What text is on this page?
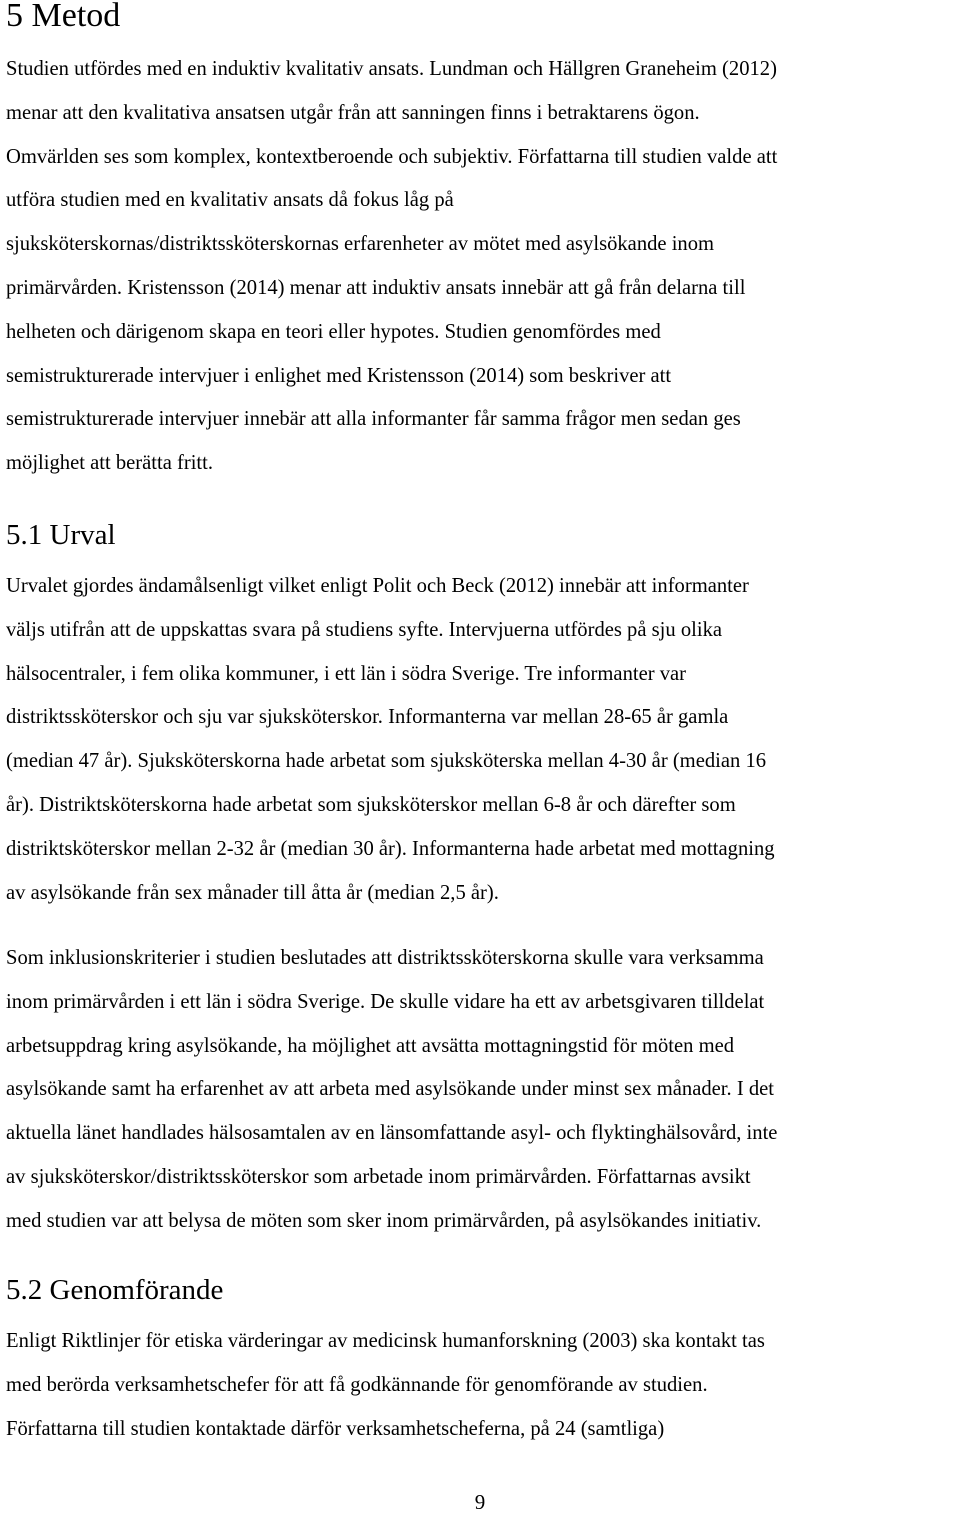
5 Metod
Studien utfördes med en induktiv kvalitativ ansats. Lundman och Hällgren Graneheim (2012)
menar att den kvalitativa ansatsen utgår från att sanningen finns i betraktarens ögon.
Omvärlden ses som komplex, kontextberoende och subjektiv. Författarna till studien valde att
utföra studien med en kvalitativ ansats då fokus låg på
sjuksköterskornas/distriktssköterskornas erfarenheter av mötet med asylsökande inom
primärvården. Kristensson (2014) menar att induktiv ansats innebär att gå från delarna till
helheten och därigenom skapa en teori eller hypotes. Studien genomfördes med
semistrukturerade intervjuer i enlighet med Kristensson (2014) som beskriver att
semistrukturerade intervjuer innebär att alla informanter får samma frågor men sedan ges
möjlighet att berätta fritt.
5.1 Urval
Urvalet gjordes ändamålsenligt vilket enligt Polit och Beck (2012) innebär att informanter
väljs utifrån att de uppskattas svara på studiens syfte. Intervjuerna utfördes på sju olika
hälsocentraler, i fem olika kommuner, i ett län i södra Sverige. Tre informanter var
distriktssköterskor och sju var sjuksköterskor. Informanterna var mellan 28-65 år gamla
(median 47 år). Sjuksköterskorna hade arbetat som sjuksköterska mellan 4-30 år (median 16
år). Distriktsköterskorna hade arbetat som sjuksköterskor mellan 6-8 år och därefter som
distriktsköterskor mellan 2-32 år (median 30 år). Informanterna hade arbetat med mottagning
av asylsökande från sex månader till åtta år (median 2,5 år).
Som inklusionskriterier i studien beslutades att distriktssköterskorna skulle vara verksamma
inom primärvården i ett län i södra Sverige. De skulle vidare ha ett av arbetsgivaren tilldelat
arbetsuppdrag kring asylsökande, ha möjlighet att avsätta mottagningstid för möten med
asylsökande samt ha erfarenhet av att arbeta med asylsökande under minst sex månader. I det
aktuella länet handlades hälsosamtalen av en länsomfattande asyl- och flyktinghälsovård, inte
av sjuksköterskor/distriktssköterskor som arbetade inom primärvården. Författarnas avsikt
med studien var att belysa de möten som sker inom primärvården, på asylsökandes initiativ.
5.2 Genomförande
Enligt Riktlinjer för etiska värderingar av medicinsk humanforskning (2003) ska kontakt tas
med berörda verksamhetschefer för att få godkännande för genomförande av studien.
Författarna till studien kontaktade därför verksamhetscheferna, på 24 (samtliga)
9
